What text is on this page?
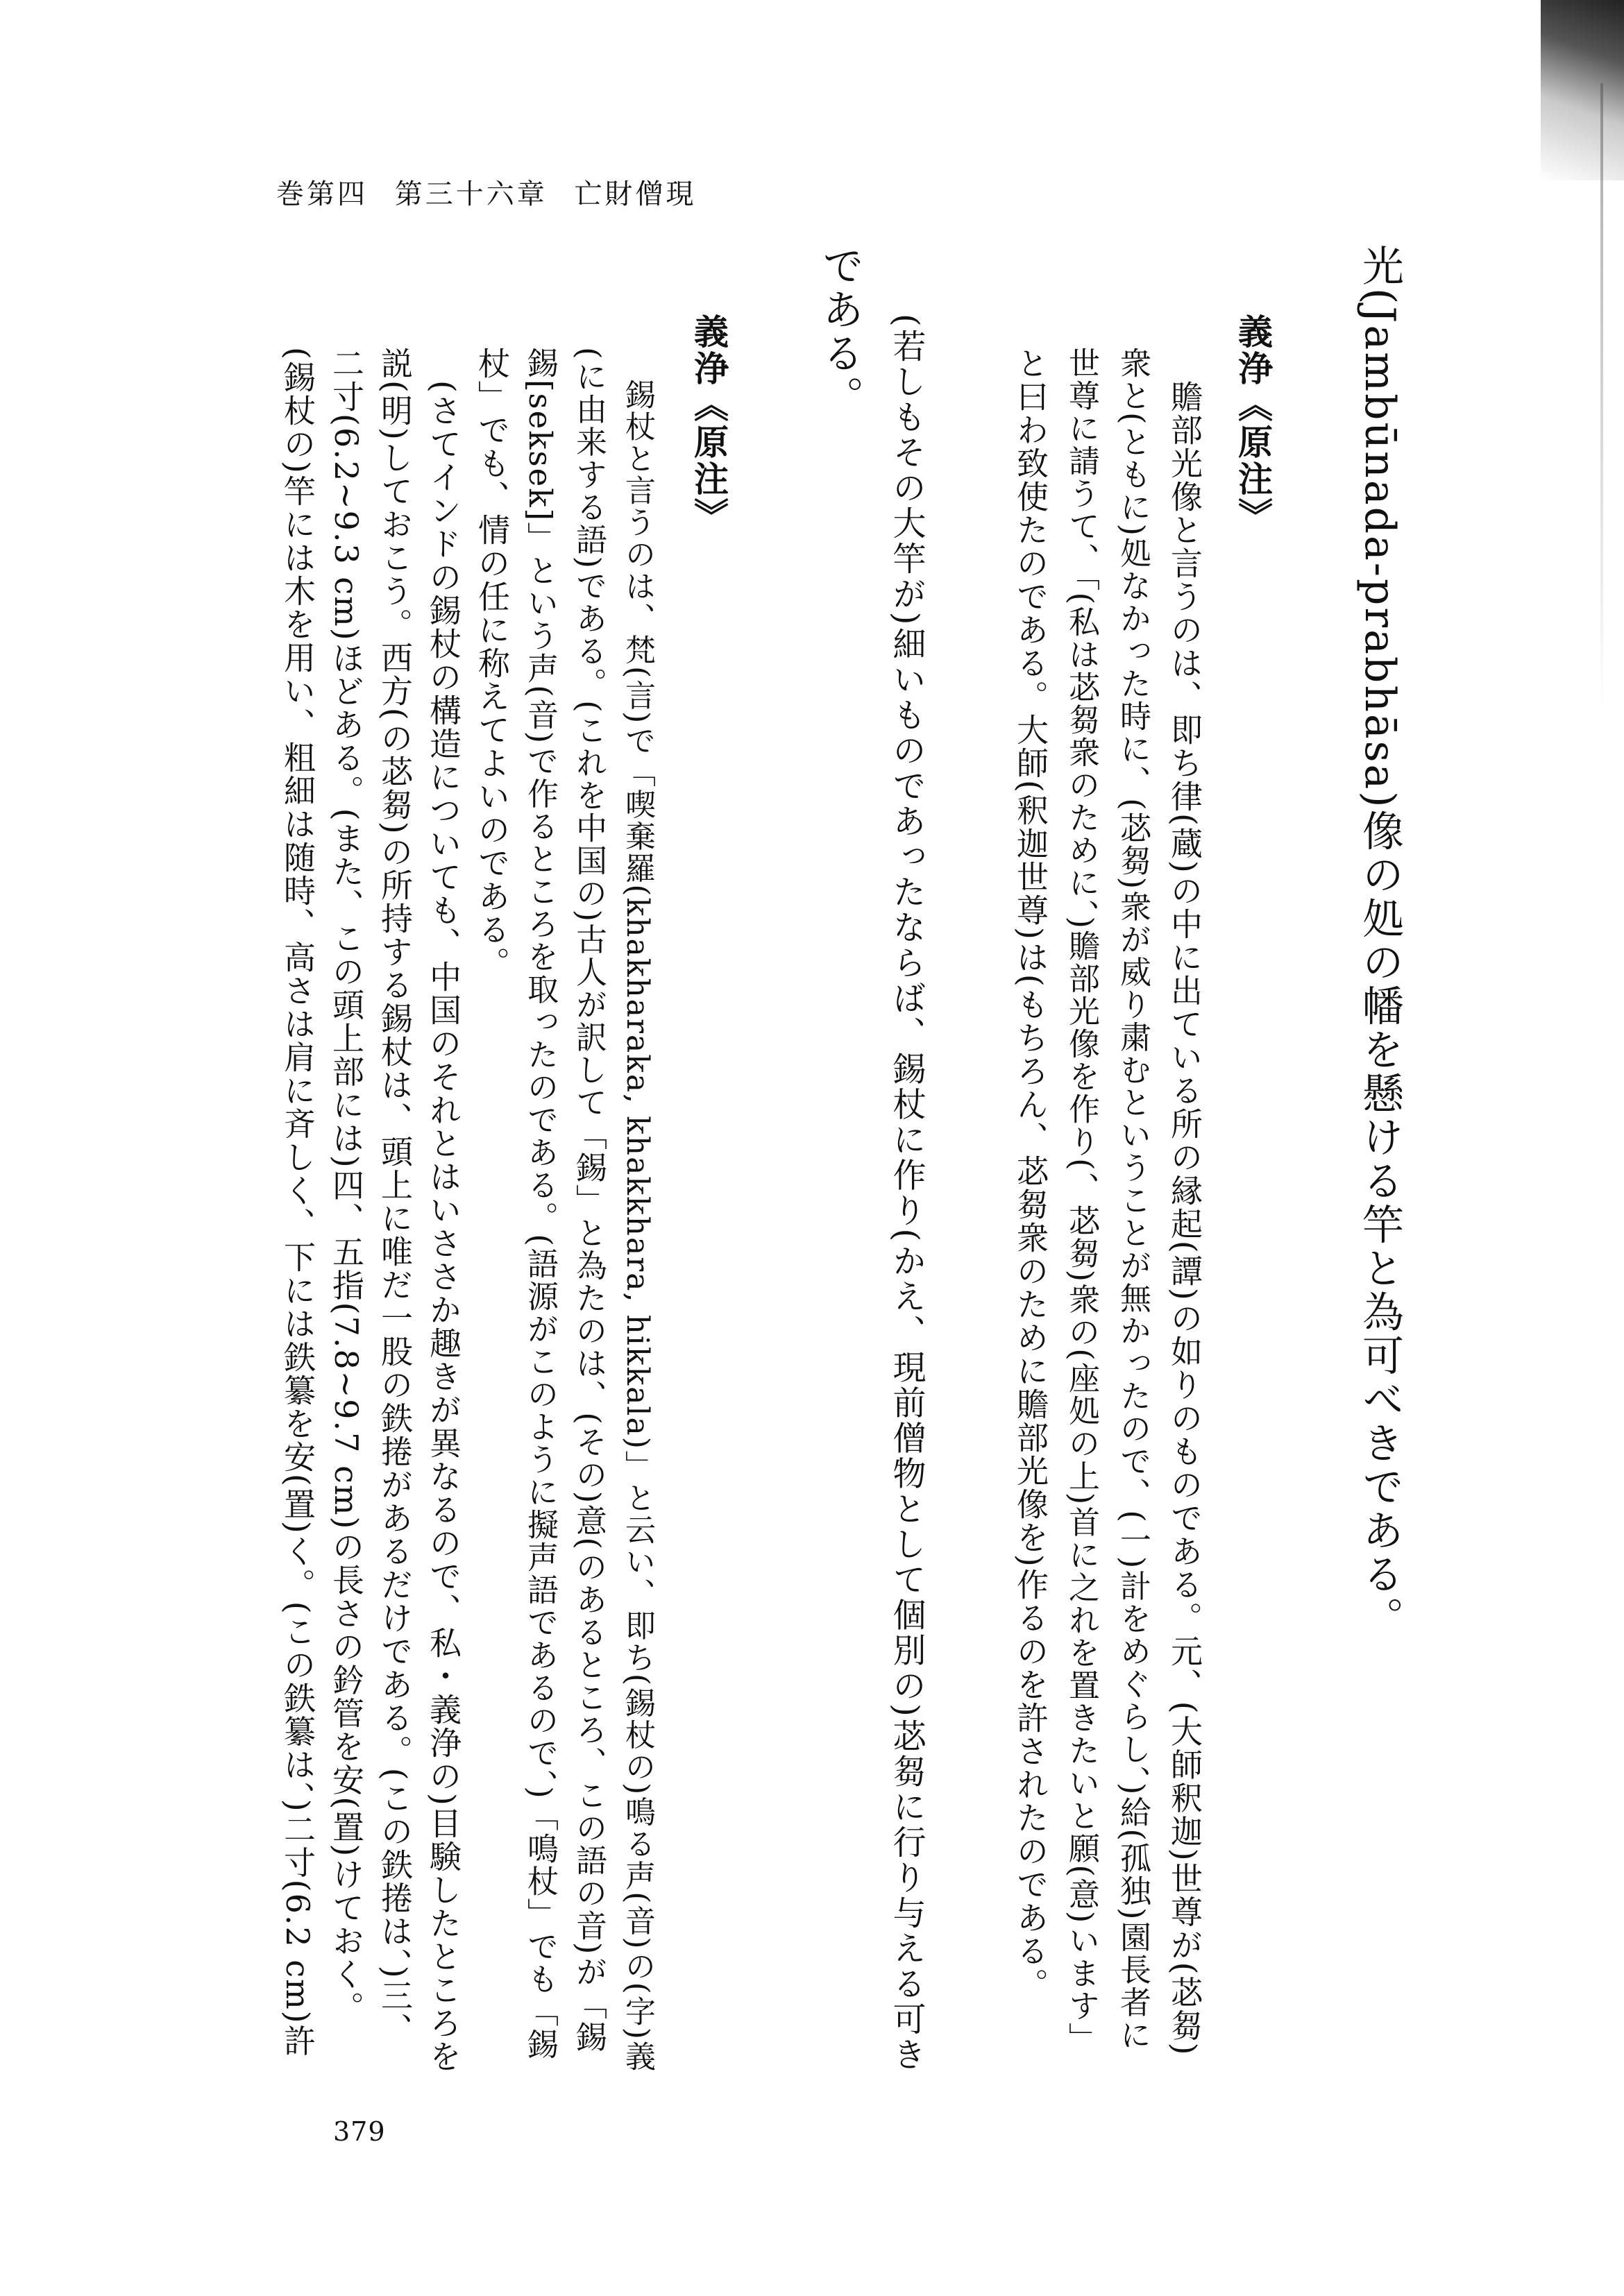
巻第四 第三十六章 亡財僧現
光(Jambūnada-prabhāsa)像の処の幡を懸ける竿と為可べきである。
義浄《原注》
　贍部光像と言うのは、即ち律(蔵)の中に出ている所の縁起(譚)の如りのものである。元、(大師釈迦)世尊が(苾芻)
衆と(ともに)処なかった時に、(苾芻)衆が威り粛むということが無かったので、(一)計をめぐらし、)給(孤独)園長者に
世尊に請うて、「(私は苾芻衆のために、)贍部光像を作り(、苾芻)衆の(座処の上)首に之れを置きたいと願(意)います」
と曰わ致使たのである。大師(釈迦世尊)は(もちろん、苾芻衆のために贍部光像を)作るのを許されたのである。
(若しもその大竿が)細いものであったならば、錫杖に作り(かえ、現前僧物として個別の)苾芻に行り与える可き
である。
義浄《原注》
　錫杖と言うのは、梵(言)で「喫棄羅(khakharaka, khakkhara, hikkala)」と云い、即ち(錫杖の)鳴る声(音)の(字)義
(に由来する語)である。(これを中国の)古人が訳して「錫」と為たのは、(その)意(のあるところ、この語の音)が「錫
錫[seksek]」という声(音)で作るところを取ったのである。(語源がこのように擬声語であるので、)「鳴杖」でも「錫
杖」でも、情の任に称えてよいのである。
　(さてインドの錫杖の構造についても、中国のそれとはいささか趣きが異なるので、私・義浄の)目験したところを
説(明)しておこう。西方(の苾芻)の所持する錫杖は、頭上に唯だ一股の鉄捲があるだけである。(この鉄捲は、)三、
二寸(6.2~9.3 cm)ほどある。(また、この頭上部には)四、五指(7.8~9.7 cm)の長さの鈐管を安(置)けておく。
(錫杖の)竿には木を用い、粗細は随時、高さは肩に斉しく、下には鉄纂を安(置)く。(この鉄纂は、)二寸(6.2 cm)許
379
